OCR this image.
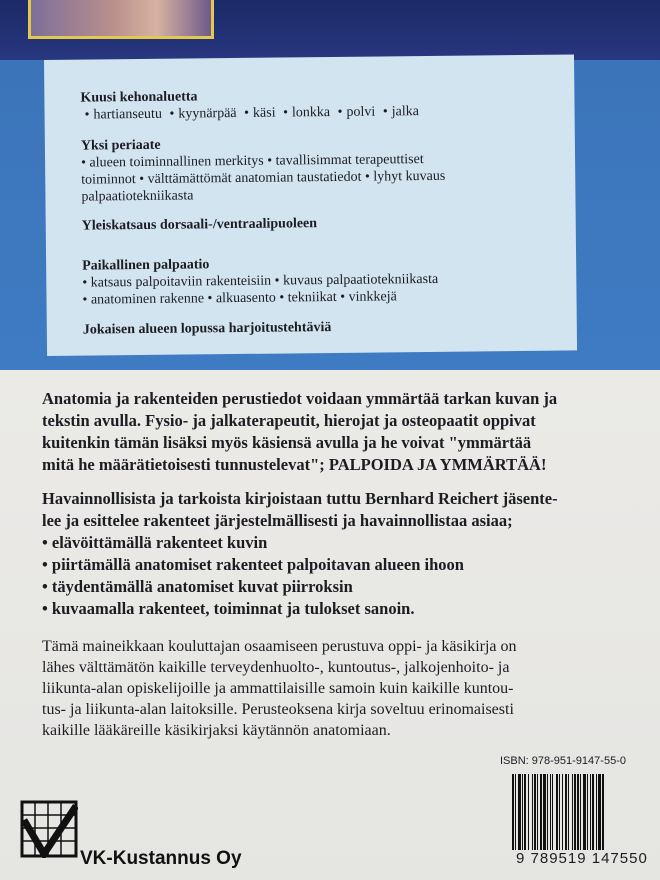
Kuusi kehonaluetta
• hartianseutu • kyynärpää • käsi • lonkka • polvi • jalka
Yksi periaate
• alueen toiminnallinen merkitys • tavallisimmat terapeuttiset
toiminnot • välttämättömät anatomian taustatiedot • lyhyt kuvaus
palpaatiotekniikasta
Yleiskatsaus dorsaali-/ventraalipuoleen
Paikallinen palpaatio
• katsaus palpoitaviin rakenteisiin • kuvaus palpaatiotekniikasta
• anatominen rakenne • alkuasento • tekniikat • vinkkejä
Jokaisen alueen lopussa harjoitustehtäviä
Anatomia ja rakenteiden perustiedot voidaan ymmärtää tarkan kuvan ja
tekstin avulla. Fysio- ja jalkaterapeutit, hierojat ja osteopaatit oppivat
kuitenkin tämän lisäksi myös käsiensä avulla ja he voivat "ymmärtää
mitä he määrätietoisesti tunnustelevat"; PALPOIDA JA YMMÄRTÄÄ!
Havainnollisista ja tarkoista kirjoistaan tuttu Bernhard Reichert jäsente-
lee ja esittelee rakenteet järjestelmällisesti ja havainnollistaa asiaa;
• elävöittämällä rakenteet kuvin
• piirtämällä anatomiset rakenteet palpoitavan alueen ihoon
• täydentämällä anatomiset kuvat piirroksin
• kuvaamalla rakenteet, toiminnat ja tulokset sanoin.
Tämä maineikkaan kouluttajan osaamiseen perustuva oppi- ja käsikirja on
lähes välttämätön kaikille terveydenhuolto-, kuntoutus-, jalkojenhoito- ja
liikunta-alan opiskelijoille ja ammattilaisille samoin kuin kaikille kuntou-
tus- ja liikunta-alan laitoksille. Perusteoksena kirja soveltuu erinomaisesti
kaikille lääkäreille käsikirjaksi käytännön anatomiaan.
ISBN: 978-951-9147-55-0
9 789519 147550
VK-Kustannus Oy
